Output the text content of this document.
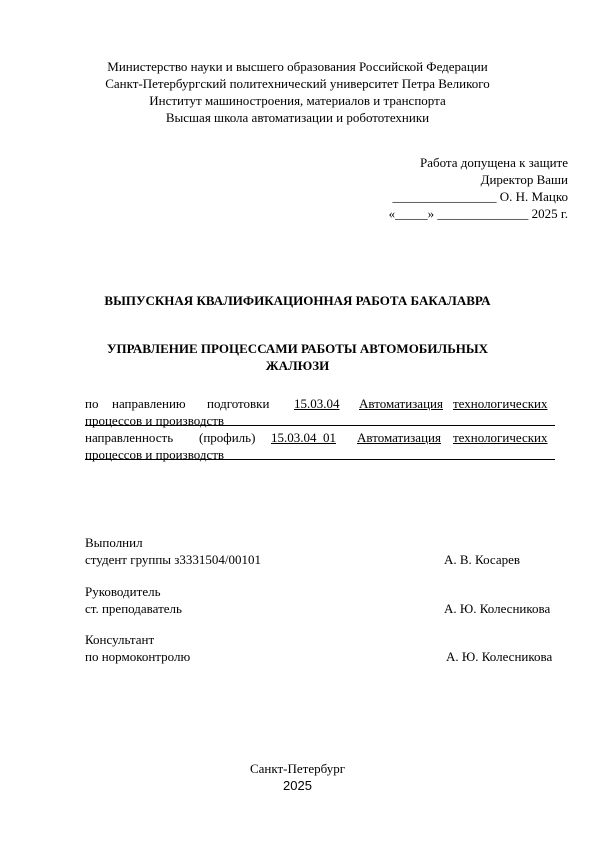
Министерство науки и высшего образования Российской Федерации
Санкт-Петербургский политехнический университет Петра Великого
Институт машиностроения, материалов и транспорта
Высшая школа автоматизации и робототехники
Работа допущена к защите
Директор Ваши
________________ О. Н. Мацко
«_____» ______________ 2025 г.
ВЫПУСКНАЯ КВАЛИФИКАЦИОННАЯ РАБОТА БАКАЛАВРА
УПРАВЛЕНИЕ ПРОЦЕССАМИ РАБОТЫ АВТОМОБИЛЬНЫХ
ЖАЛЮЗИ
по направлению подготовки 15.03.04 Автоматизация технологических
процессов и производств
направленность (профиль) 15.03.04_01 Автоматизация технологических
процессов и производств
Выполнил
студент группы з3331504/00101	А. В. Косарев
Руководитель
ст. преподаватель	А. Ю. Колесникова
Консультант
по нормоконтролю	А. Ю. Колесникова
Санкт-Петербург
2025
